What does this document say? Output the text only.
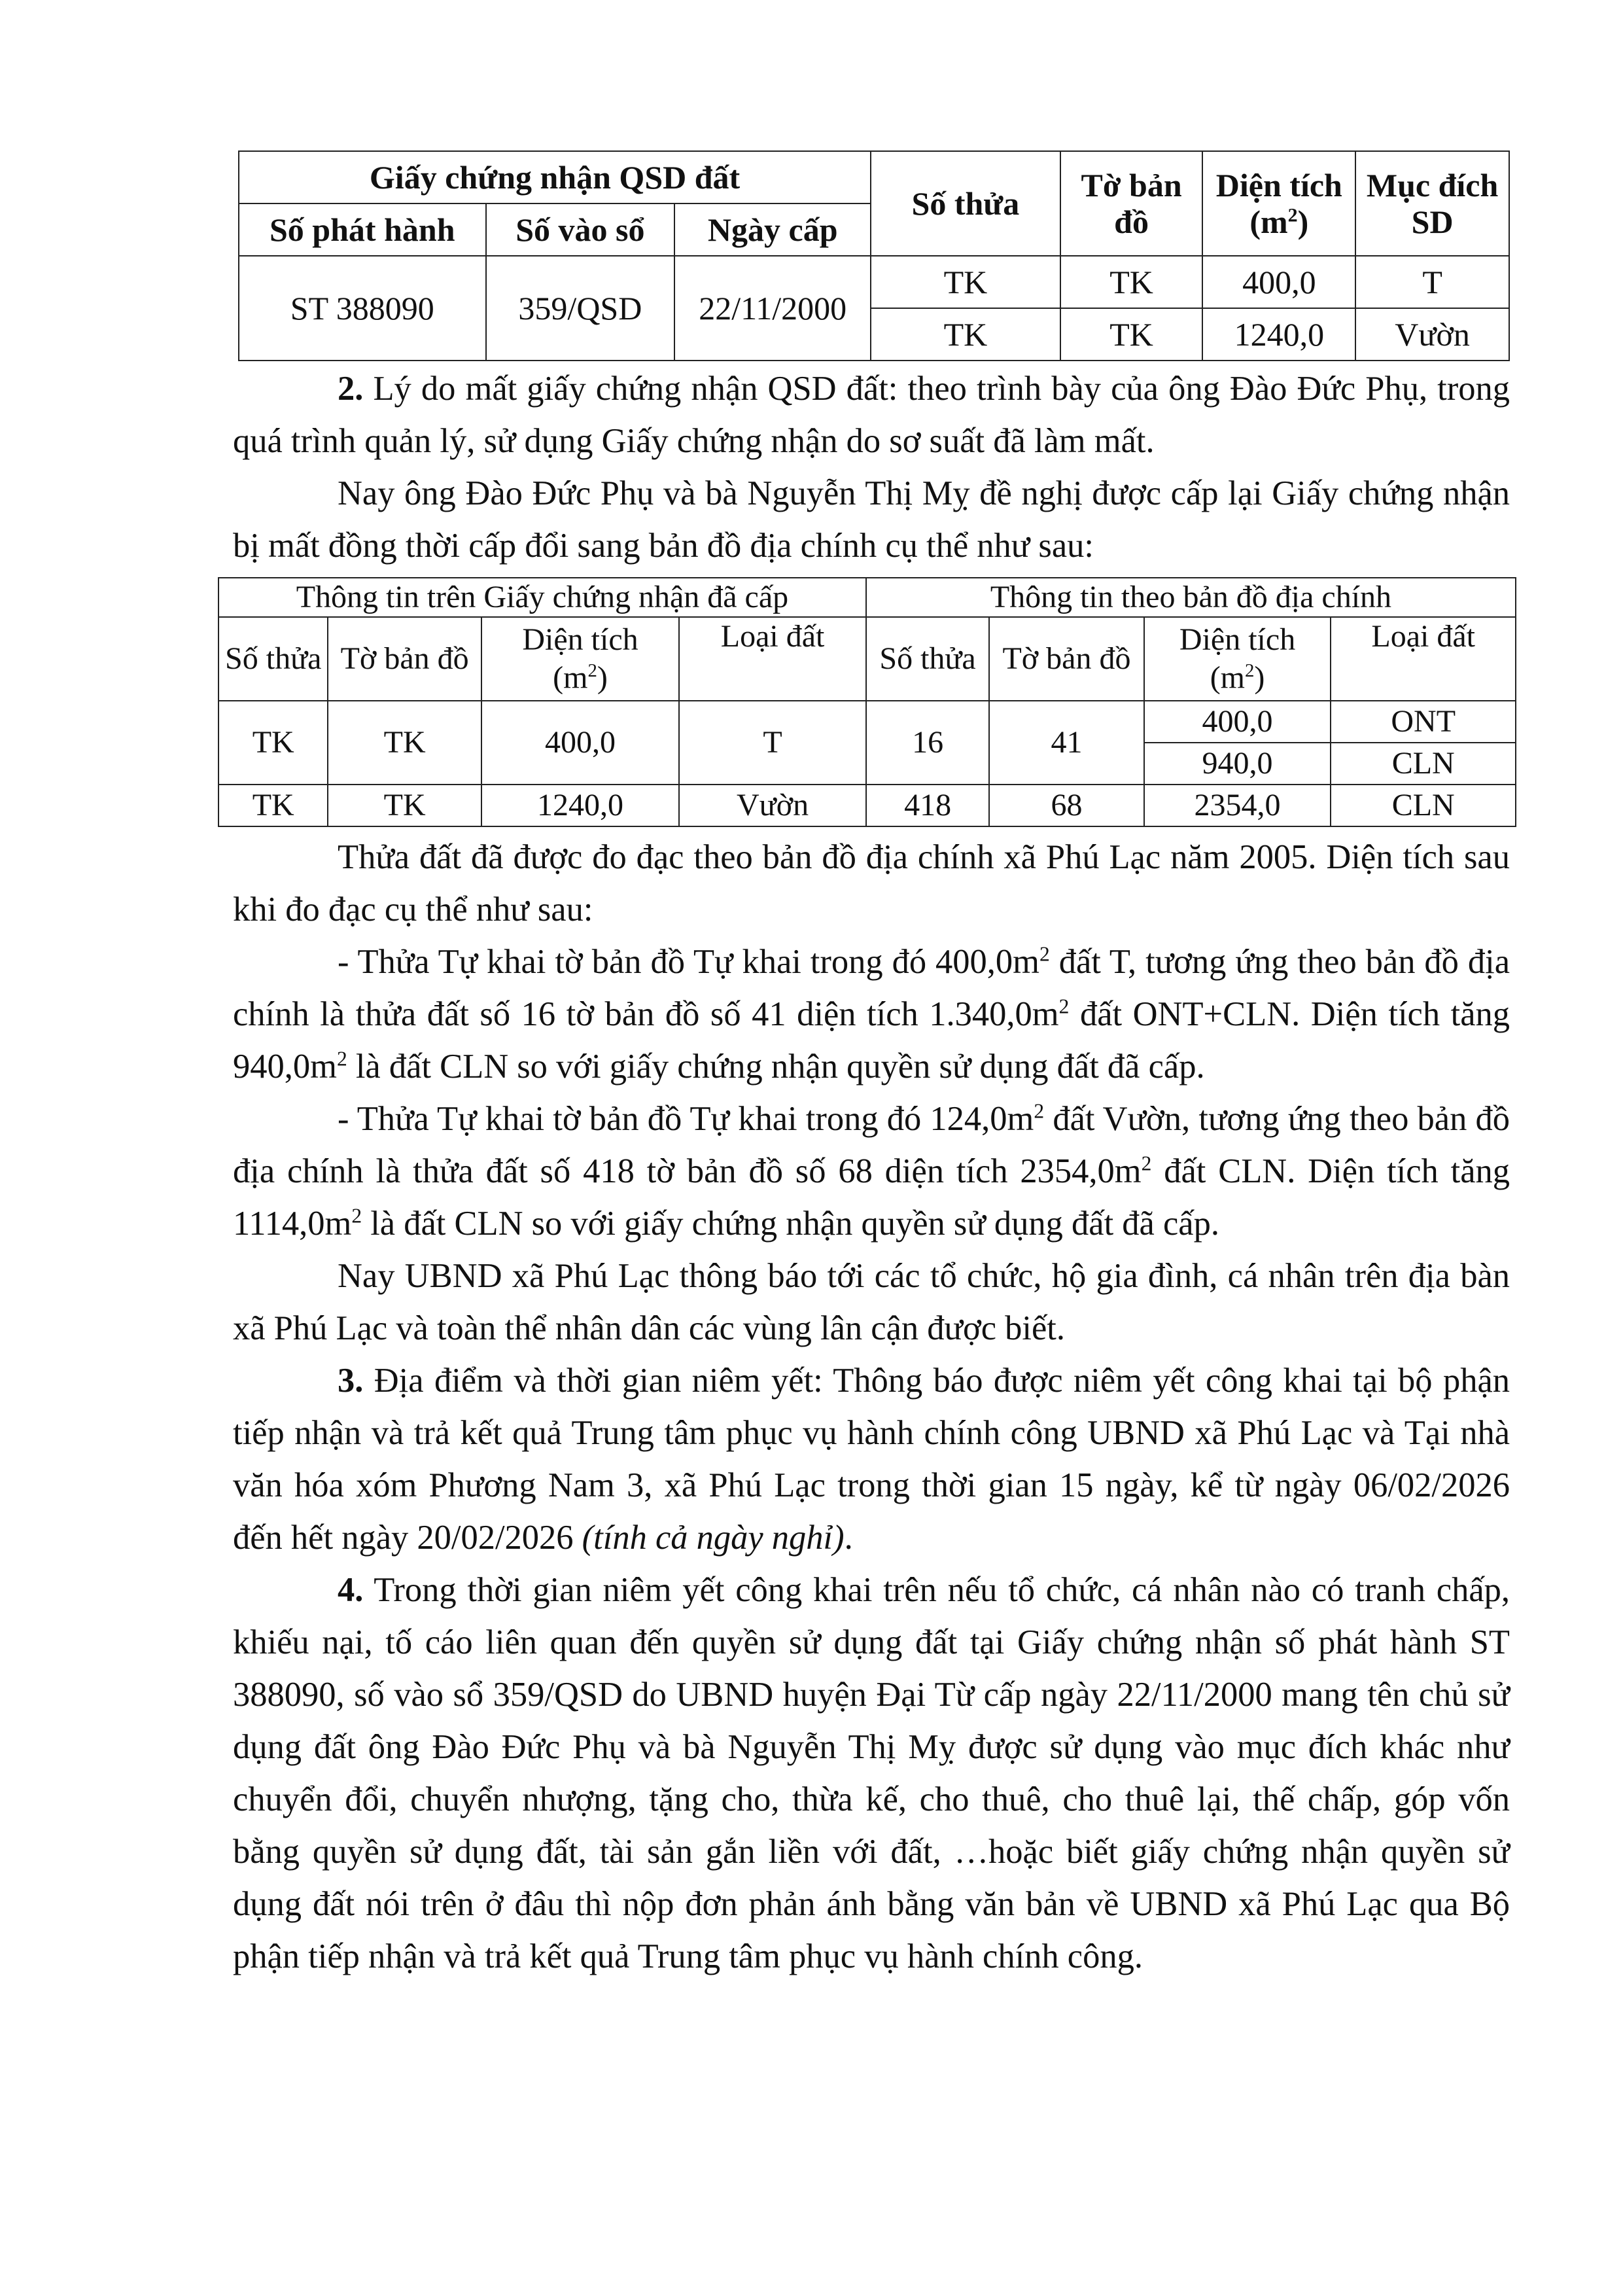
Giấy chứng nhận QSD đất			Số thửa	Tờ bản đồ	Diện tích
$(m^2)$	Mục đích SD
Số phát hành	Số vào sổ	Ngày cấp				
ST 388090	359/QSD	22/11/2000	TK	TK	400,0	T
			TK	TK	1240,0	Vườn

2. Lý do mất giấy chứng nhận QSD đất: theo trình bày của ông Đào Đức Phụ, trong quá trình quản lý, sử dụng Giấy chứng nhận do sơ suất đã làm mất.

Nay ông Đào Đức Phụ và bà Nguyễn Thị Mỵ đề nghị được cấp lại Giấy chứng nhận bị mất đồng thời cấp đổi sang bản đồ địa chính cụ thể như sau:

Thông tin trên Giấy chứng nhận đã cấp				Thông tin theo bản đồ địa chính			
Số thửa	Tờ bản đồ	Diện tích
$(m^2)$	Loại đất	Số thửa	Tờ bản đồ	Diện tích
$(m^2)$	Loại đất
TK	TK	400,0	T	16	41	400,0	ONT
						940,0	CLN
TK	TK	1240,0	Vườn	418	68	2354,0	CLN

Thửa đất đã được đo đạc theo bản đồ địa chính xã Phú Lạc năm 2005. Diện tích sau khi đo đạc cụ thể như sau:

- Thửa Tự khai tờ bản đồ Tự khai trong đó $400,0m^2$ đất T, tương ứng theo bản đồ địa chính là thửa đất số 16 tờ bản đồ số 41 diện tích $1.340,0m^2$ đất ONT+CLN. Diện tích tăng $940,0m^2$ là đất CLN so với giấy chứng nhận quyền sử dụng đất đã cấp.

- Thửa Tự khai tờ bản đồ Tự khai trong đó $124,0m^2$ đất Vườn, tương ứng theo bản đồ địa chính là thửa đất số 418 tờ bản đồ số 68 diện tích $2354,0m^2$ đất CLN. Diện tích tăng $1114,0m^2$ là đất CLN so với giấy chứng nhận quyền sử dụng đất đã cấp.

Nay UBND xã Phú Lạc thông báo tới các tổ chức, hộ gia đình, cá nhân trên địa bàn xã Phú Lạc và toàn thể nhân dân các vùng lân cận được biết.

3. Địa điểm và thời gian niêm yết: Thông báo được niêm yết công khai tại bộ phận tiếp nhận và trả kết quả Trung tâm phục vụ hành chính công UBND xã Phú Lạc và Tại nhà văn hóa xóm Phương Nam 3, xã Phú Lạc trong thời gian 15 ngày, kể từ ngày 06/02/2026 đến hết ngày 20/02/2026 (tính cả ngày nghỉ).

4. Trong thời gian niêm yết công khai trên nếu tổ chức, cá nhân nào có tranh chấp, khiếu nại, tố cáo liên quan đến quyền sử dụng đất tại Giấy chứng nhận số phát hành ST 388090, số vào sổ 359/QSD do UBND huyện Đại Từ cấp ngày 22/11/2000 mang tên chủ sử dụng đất ông Đào Đức Phụ và bà Nguyễn Thị Mỵ được sử dụng vào mục đích khác như chuyển đổi, chuyển nhượng, tặng cho, thừa kế, cho thuê, cho thuê lại, thế chấp, góp vốn bằng quyền sử dụng đất, tài sản gắn liền với đất, …hoặc biết giấy chứng nhận quyền sử dụng đất nói trên ở đâu thì nộp đơn phản ánh bằng văn bản về UBND xã Phú Lạc qua Bộ phận tiếp nhận và trả kết quả Trung tâm phục vụ hành chính công.
